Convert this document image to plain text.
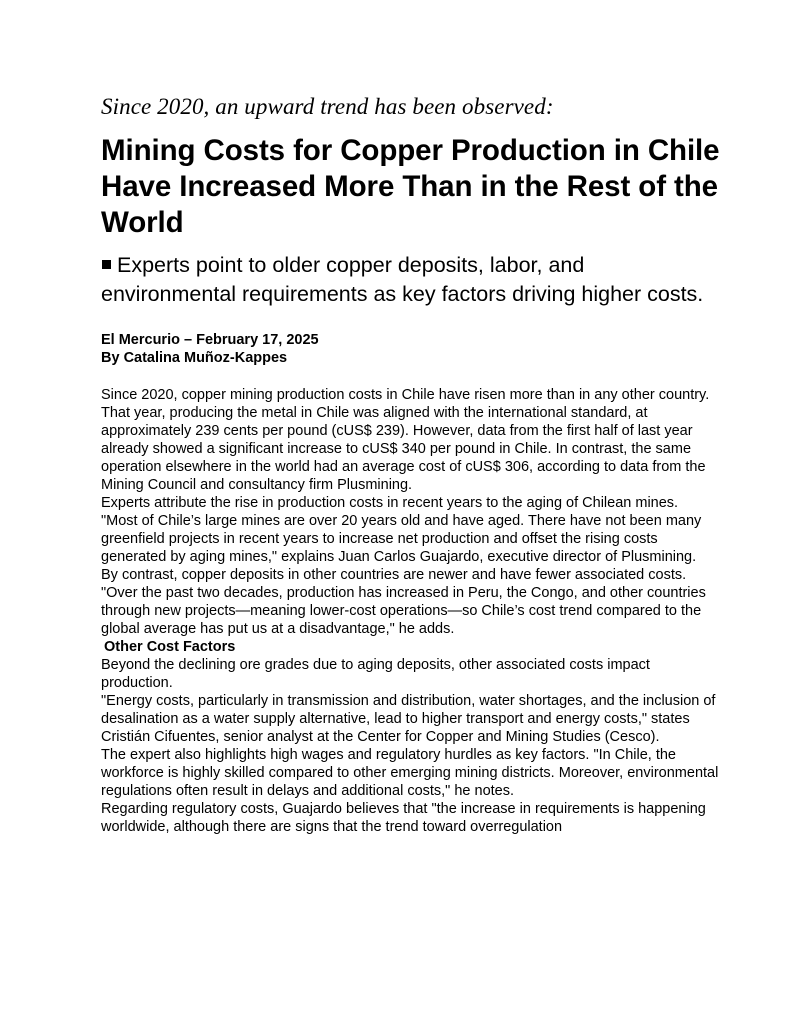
Since 2020, an upward trend has been observed:
Mining Costs for Copper Production in Chile Have Increased More Than in the Rest of the World
Experts point to older copper deposits, labor, and environmental requirements as key factors driving higher costs.
El Mercurio – February 17, 2025
By Catalina Muñoz-Kappes

Since 2020, copper mining production costs in Chile have risen more than in any other country. That year, producing the metal in Chile was aligned with the international standard, at approximately 239 cents per pound (cUS$ 239). However, data from the first half of last year already showed a significant increase to cUS$ 340 per pound in Chile. In contrast, the same operation elsewhere in the world had an average cost of cUS$ 306, according to data from the Mining Council and consultancy firm Plusmining.

Experts attribute the rise in production costs in recent years to the aging of Chilean mines.

"Most of Chile’s large mines are over 20 years old and have aged. There have not been many greenfield projects in recent years to increase net production and offset the rising costs generated by aging mines," explains Juan Carlos Guajardo, executive director of Plusmining.

By contrast, copper deposits in other countries are newer and have fewer associated costs. "Over the past two decades, production has increased in Peru, the Congo, and other countries through new projects—meaning lower-cost operations—so Chile’s cost trend compared to the global average has put us at a disadvantage," he adds.

Other Cost Factors

Beyond the declining ore grades due to aging deposits, other associated costs impact production.

"Energy costs, particularly in transmission and distribution, water shortages, and the inclusion of desalination as a water supply alternative, lead to higher transport and energy costs," states Cristián Cifuentes, senior analyst at the Center for Copper and Mining Studies (Cesco).

The expert also highlights high wages and regulatory hurdles as key factors. "In Chile, the workforce is highly skilled compared to other emerging mining districts. Moreover, environmental regulations often result in delays and additional costs," he notes.

Regarding regulatory costs, Guajardo believes that "the increase in requirements is happening worldwide, although there are signs that the trend toward overregulation
